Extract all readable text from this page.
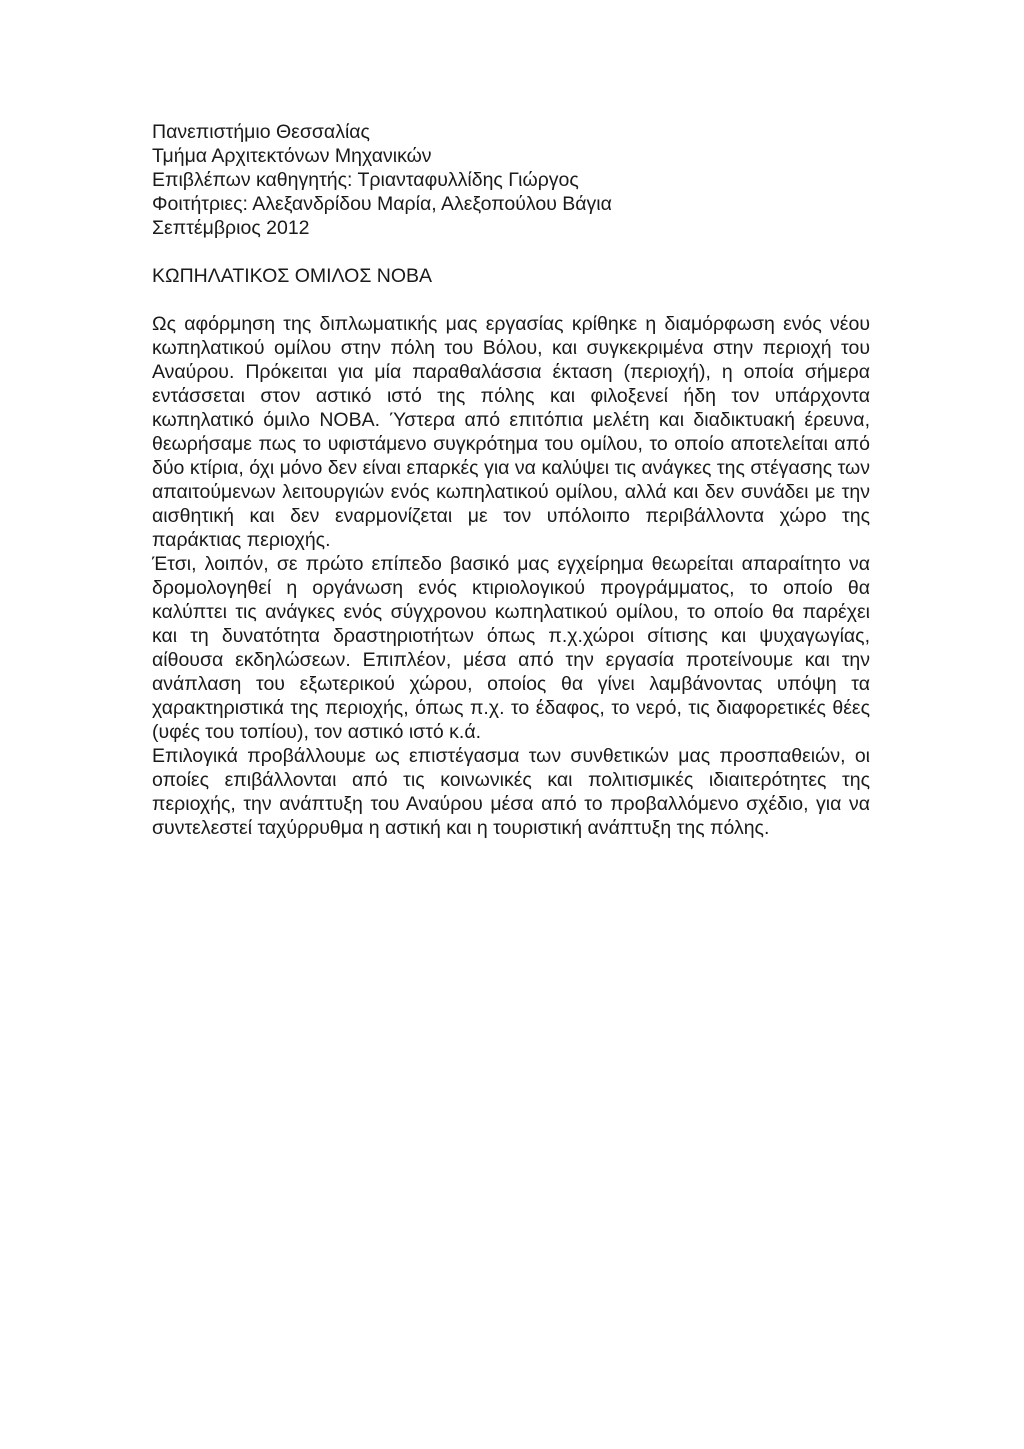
Πανεπιστήμιο Θεσσαλίας
Τμήμα Αρχιτεκτόνων Μηχανικών
Επιβλέπων καθηγητής: Τριανταφυλλίδης Γιώργος
Φοιτήτριες: Αλεξανδρίδου Μαρία, Αλεξοπούλου Βάγια
Σεπτέμβριος 2012
ΚΩΠΗΛΑΤΙΚΟΣ ΟΜΙΛΟΣ ΝΟΒΑ

Ως αφόρμηση της διπλωματικής μας εργασίας κρίθηκε η διαμόρφωση ενός νέου κωπηλατικού ομίλου στην πόλη του Βόλου, και συγκεκριμένα στην περιοχή του Αναύρου. Πρόκειται για μία παραθαλάσσια έκταση (περιοχή), η οποία σήμερα εντάσσεται στον αστικό ιστό της πόλης και φιλοξενεί ήδη τον υπάρχοντα κωπηλατικό όμιλο ΝΟΒΑ. Ύστερα από επιτόπια μελέτη και διαδικτυακή έρευνα, θεωρήσαμε πως το υφιστάμενο συγκρότημα του ομίλου, το οποίο αποτελείται από δύο κτίρια, όχι μόνο δεν είναι επαρκές για να καλύψει τις ανάγκες της στέγασης των απαιτούμενων λειτουργιών ενός κωπηλατικού ομίλου, αλλά και δεν συνάδει με την αισθητική και δεν εναρμονίζεται με τον υπόλοιπο περιβάλλοντα χώρο της παράκτιας περιοχής.

Έτσι, λοιπόν, σε πρώτο επίπεδο βασικό μας εγχείρημα θεωρείται απαραίτητο να δρομολογηθεί η οργάνωση ενός κτιριολογικού προγράμματος, το οποίο θα καλύπτει τις ανάγκες ενός σύγχρονου κωπηλατικού ομίλου, το οποίο θα παρέχει και τη δυνατότητα δραστηριοτήτων όπως π.χ.χώροι σίτισης και ψυχαγωγίας, αίθουσα εκδηλώσεων. Επιπλέον, μέσα από την εργασία προτείνουμε και την ανάπλαση του εξωτερικού χώρου, οποίος θα γίνει λαμβάνοντας υπόψη τα χαρακτηριστικά της περιοχής, όπως π.χ. το έδαφος, το νερό, τις διαφορετικές θέες (υφές του τοπίου), τον αστικό ιστό κ.ά.

Επιλογικά προβάλλουμε ως επιστέγασμα των συνθετικών μας προσπαθειών, οι οποίες επιβάλλονται από τις κοινωνικές και πολιτισμικές ιδιαιτερότητες της περιοχής, την ανάπτυξη του Αναύρου μέσα από το προβαλλόμενο σχέδιο, για να συντελεστεί ταχύρρυθμα η αστική και η τουριστική ανάπτυξη της πόλης.
